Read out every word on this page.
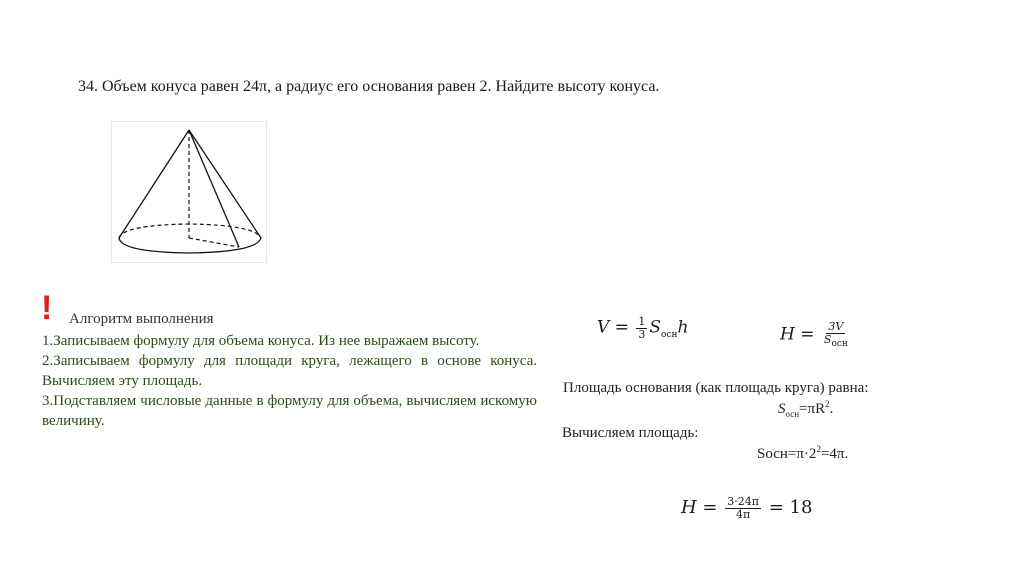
34. Объем конуса равен 24π, а радиус его основания равен 2. Найдите высоту конуса.
! Алгоритм выполнения
1.Записываем формулу для объема конуса. Из нее выражаем высоту.
2.Записываем формулу для площади круга, лежащего в основе конуса. Вычисляем эту площадь.
3.Подставляем числовые данные в формулу для объема, вычисляем искомую величину.
$V = \frac{1}{3} S_{осн}h$	$H = \frac{3V}{S_{осн}}$
Площадь основания (как площадь круга) равна:
$S_{осн}=\pi R^2$.
Вычисляем площадь:
$Sосн=\pi\cdot 2^2=4\pi$.
$H = \frac{3\cdot 24\pi}{4\pi} = 18$
